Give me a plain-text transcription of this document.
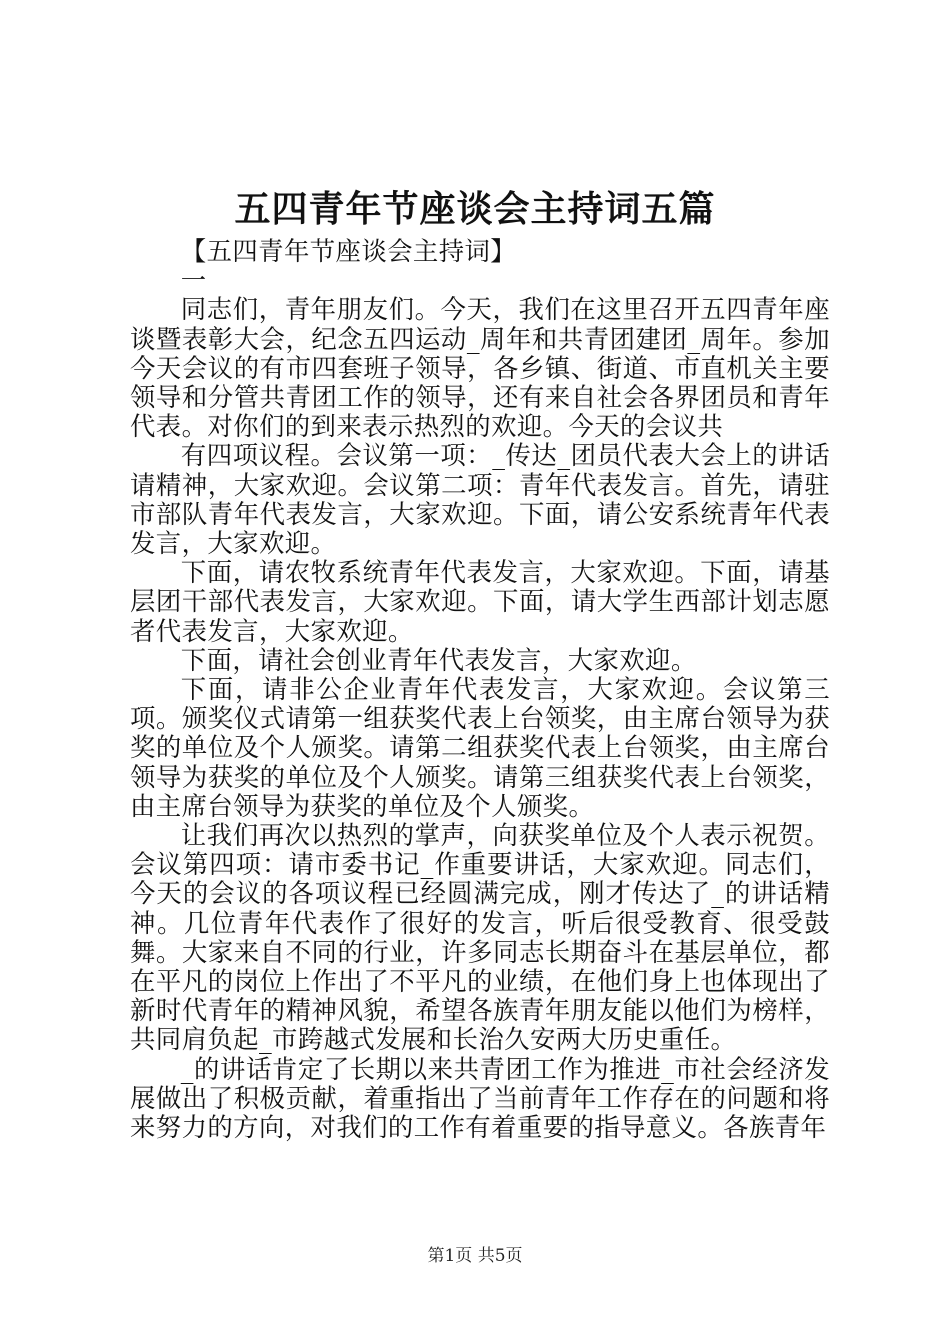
五四青年节座谈会主持词五篇

【五四青年节座谈会主持词】

一

同志们，青年朋友们。今天，我们在这里召开五四青年座谈暨表彰大会，纪念五四运动_周年和共青团建团_周年。参加今天会议的有市四套班子领导，各乡镇、街道、市直机关主要领导和分管共青团工作的领导，还有来自社会各界团员和青年代表。对你们的到来表示热烈的欢迎。今天的会议共

有四项议程。会议第一项：_传达_团员代表大会上的讲话请精神，大家欢迎。会议第二项：青年代表发言。首先，请驻市部队青年代表发言，大家欢迎。下面，请公安系统青年代表发言，大家欢迎。

下面，请农牧系统青年代表发言，大家欢迎。下面，请基层团干部代表发言，大家欢迎。下面，请大学生西部计划志愿者代表发言，大家欢迎。

下面，请社会创业青年代表发言，大家欢迎。

下面，请非公企业青年代表发言，大家欢迎。会议第三项。颁奖仪式请第一组获奖代表上台领奖，由主席台领导为获奖的单位及个人颁奖。请第二组获奖代表上台领奖，由主席台领导为获奖的单位及个人颁奖。请第三组获奖代表上台领奖，由主席台领导为获奖的单位及个人颁奖。

让我们再次以热烈的掌声，向获奖单位及个人表示祝贺。会议第四项：请市委书记_作重要讲话，大家欢迎。同志们，今天的会议的各项议程已经圆满完成，刚才传达了_的讲话精神。几位青年代表作了很好的发言，听后很受教育、很受鼓舞。大家来自不同的行业，许多同志长期奋斗在基层单位，都在平凡的岗位上作出了不平凡的业绩，在他们身上也体现出了新时代青年的精神风貌，希望各族青年朋友能以他们为榜样，共同肩负起_市跨越式发展和长治久安两大历史重任。

_的讲话肯定了长期以来共青团工作为推进_市社会经济发展做出了积极贡献，着重指出了当前青年工作存在的问题和将来努力的方向，对我们的工作有着重要的指导意义。各族青年

第1页 共5页
